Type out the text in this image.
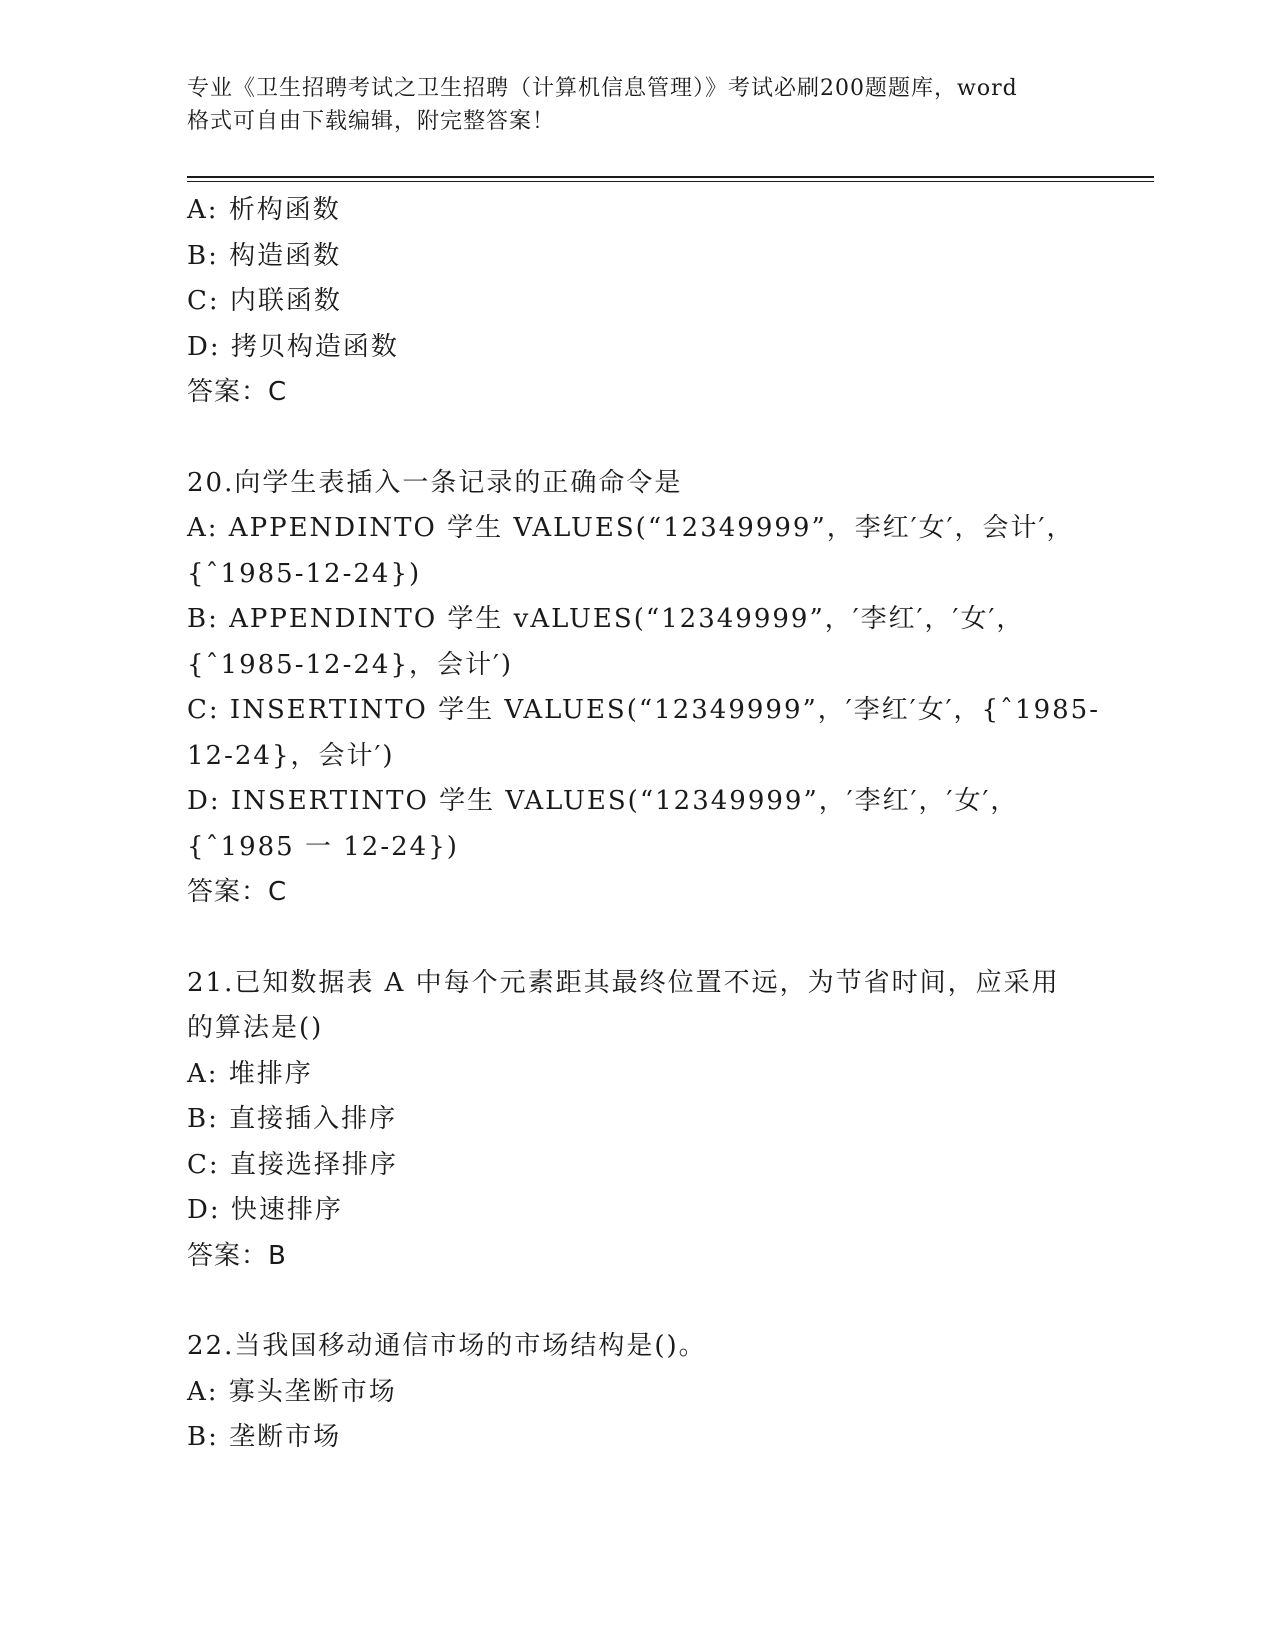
专业《卫生招聘考试之卫生招聘（计算机信息管理）》考试必刷200题题库，word
格式可自由下载编辑，附完整答案！
A: 析构函数
B: 构造函数
C: 内联函数
D: 拷贝构造函数
答案：C
20.向学生表插入一条记录的正确命令是
A: APPENDINTO 学生 VALUES(“12349999”，李红′女′，会计′，
{ˆ1985-12-24})
B: APPENDINTO 学生 vALUES(“12349999”，′李红′，′女′，
{ˆ1985-12-24}，会计′)
C: INSERTINTO 学生 VALUES(“12349999”，′李红′女′，{ˆ1985-
12-24}，会计′)
D: INSERTINTO 学生 VALUES(“12349999”，′李红′，′女′，
{ˆ1985 一 12-24})
答案：C
21.已知数据表 A 中每个元素距其最终位置不远，为节省时间，应采用
的算法是()
A: 堆排序
B: 直接插入排序
C: 直接选择排序
D: 快速排序
答案：B
22.当我国移动通信市场的市场结构是()。
A: 寡头垄断市场
B: 垄断市场
